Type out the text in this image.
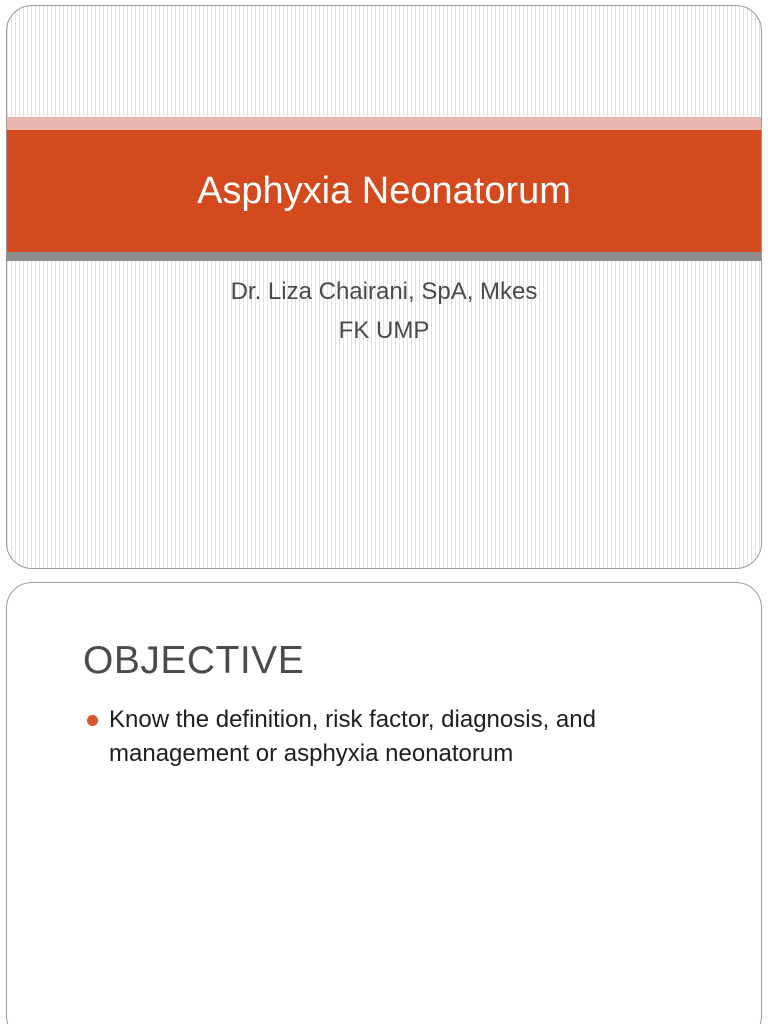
Asphyxia Neonatorum
Dr. Liza Chairani, SpA, Mkes
FK UMP
OBJECTIVE
Know the definition, risk factor, diagnosis, and management or asphyxia neonatorum
